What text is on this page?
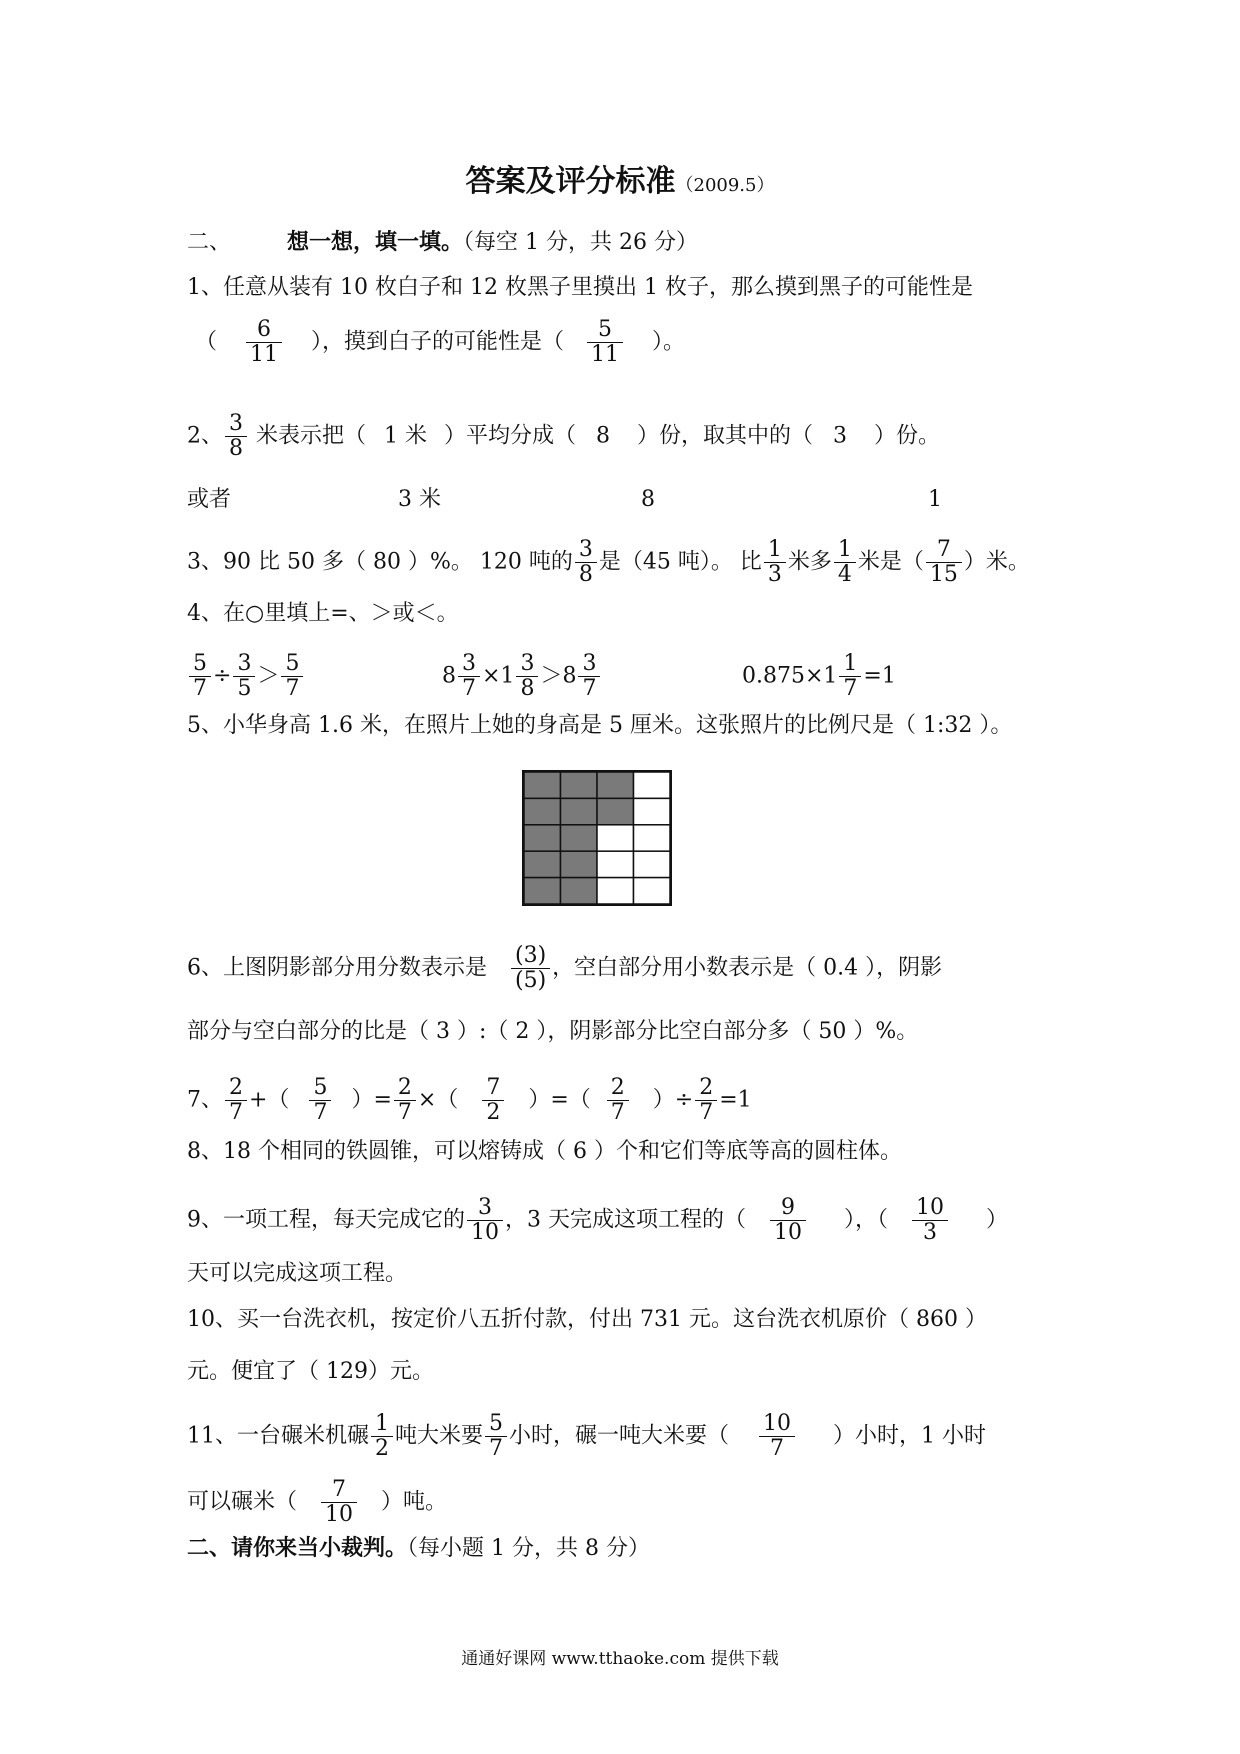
答案及评分标准（2009.5）
二、	想一想，填一填。（每空 1 分，共 26 分）
1、任意从装有 10 枚白子和 12 枚黑子里摸出 1 枚子，那么摸到黑子的可能性是
（ $\frac{6}{11}$ ），摸到白子的可能性是（ $\frac{5}{11}$ ）。
2、 $\frac{3}{8}$ 米表示把（ 1 米 ）平均分成（ 8 ）份，取其中的（ 3 ）份。
或者	3 米	8	1
3、90 比 50 多（ 80 ）%。 120 吨的 $\frac{3}{8}$ 是（45 吨）。 比 $\frac{1}{3}$ 米多 $\frac{1}{4}$ 米是（ $\frac{7}{15}$ ）米。
4、在○里填上=、＞或＜。
$\frac{5}{7} \div \frac{3}{5} > \frac{5}{7}$	$8 \frac{3}{7} \times 1 \frac{3}{8} >8 \frac{3}{7}$	$0.875\times 1 \frac{1}{7} =1$
5、小华身高 1.6 米，在照片上她的身高是 5 厘米。这张照片的比例尺是（ 1:32 ）。
6、上图阴影部分用分数表示是 $\frac{(3)}{(5)}$ ，空白部分用小数表示是（ 0.4 ），阴影
部分与空白部分的比是（ 3 ）:（ 2 ），阴影部分比空白部分多（ 50 ）%。
7、 $\frac{2}{7}$ +（ $\frac{5}{7}$ ）= $\frac{2}{7}$ ×（ $\frac{7}{2}$ ）=（ $\frac{2}{7}$ ）÷ $\frac{2}{7} =1$
8、18 个相同的铁圆锥，可以熔铸成（ 6 ）个和它们等底等高的圆柱体。
9、一项工程，每天完成它的 $\frac{3}{10}$ ，3 天完成这项工程的（ $\frac{9}{10}$ ），（ $\frac{10}{3}$ ）
天可以完成这项工程。
10、买一台洗衣机，按定价八五折付款，付出 731 元。这台洗衣机原价（ 860 ）
元。便宜了（ 129）元。
11、一台碾米机碾 $\frac{1}{2}$ 吨大米要 $\frac{5}{7}$ 小时，碾一吨大米要（ $\frac{10}{7}$ ）小时，1 小时
可以碾米（ $\frac{7}{10}$ ）吨。
二、请你来当小裁判。（每小题 1 分，共 8 分）
通通好课网 www.tthaoke.com 提供下载
